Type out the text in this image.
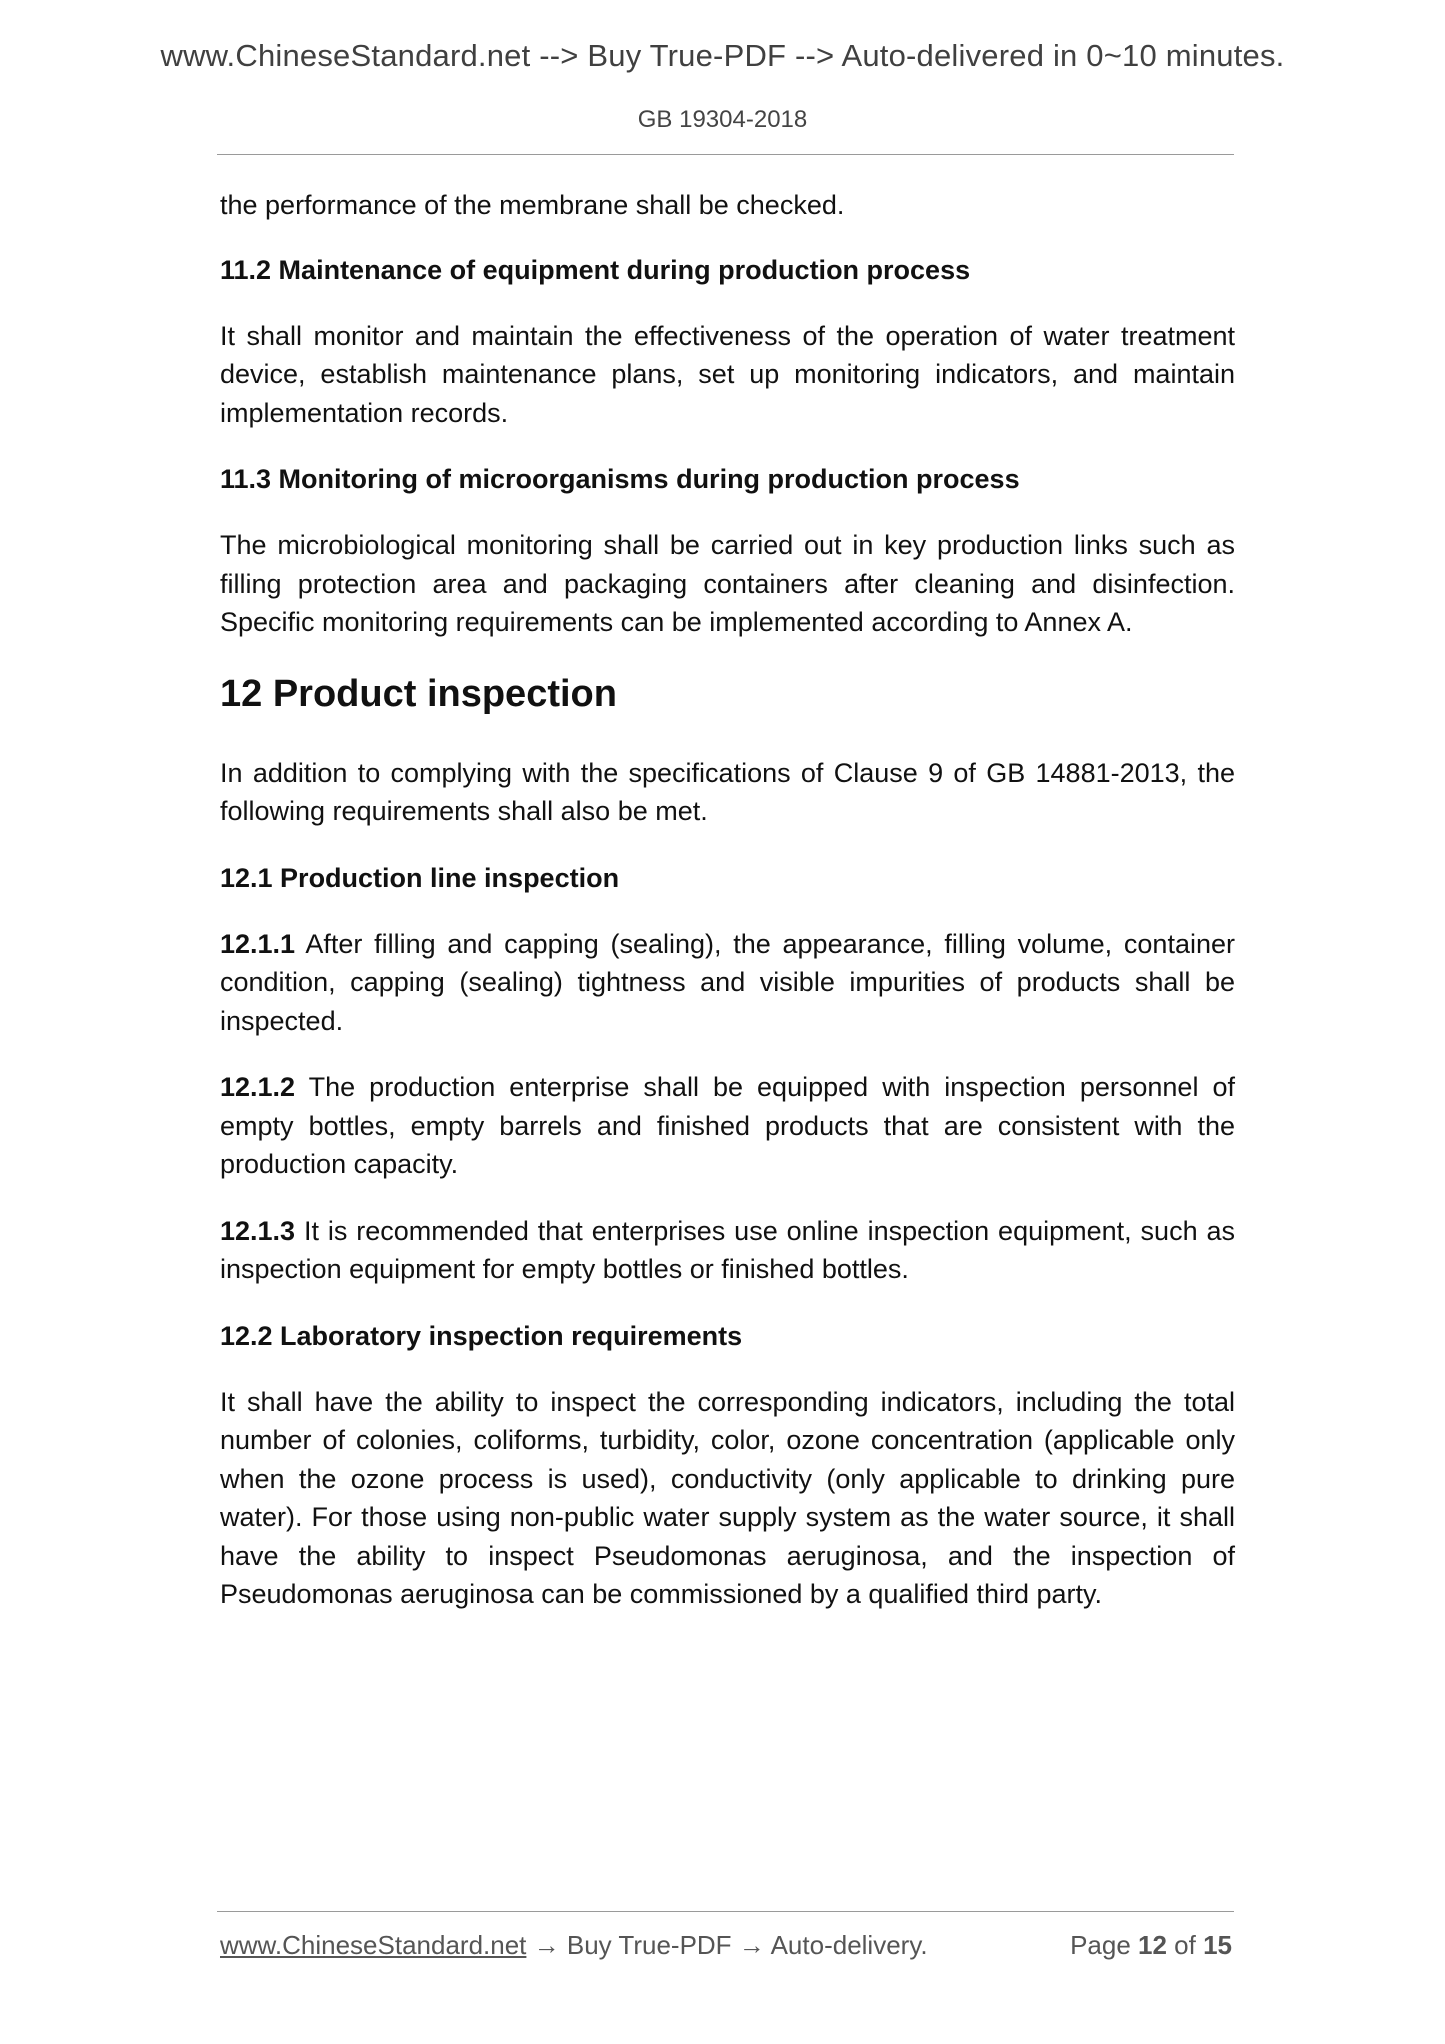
www.ChineseStandard.net --> Buy True-PDF --> Auto-delivered in 0~10 minutes.
GB 19304-2018

the performance of the membrane shall be checked.

11.2 Maintenance of equipment during production process

It shall monitor and maintain the effectiveness of the operation of water treatment device, establish maintenance plans, set up monitoring indicators, and maintain implementation records.

11.3 Monitoring of microorganisms during production process

The microbiological monitoring shall be carried out in key production links such as filling protection area and packaging containers after cleaning and disinfection. Specific monitoring requirements can be implemented according to Annex A.

12 Product inspection

In addition to complying with the specifications of Clause 9 of GB 14881-2013, the following requirements shall also be met.

12.1 Production line inspection

12.1.1 After filling and capping (sealing), the appearance, filling volume, container condition, capping (sealing) tightness and visible impurities of products shall be inspected.

12.1.2 The production enterprise shall be equipped with inspection personnel of empty bottles, empty barrels and finished products that are consistent with the production capacity.

12.1.3 It is recommended that enterprises use online inspection equipment, such as inspection equipment for empty bottles or finished bottles.

12.2 Laboratory inspection requirements

It shall have the ability to inspect the corresponding indicators, including the total number of colonies, coliforms, turbidity, color, ozone concentration (applicable only when the ozone process is used), conductivity (only applicable to drinking pure water). For those using non-public water supply system as the water source, it shall have the ability to inspect Pseudomonas aeruginosa, and the inspection of Pseudomonas aeruginosa can be commissioned by a qualified third party.

www.ChineseStandard.net → Buy True-PDF → Auto-delivery.	Page 12 of 15
